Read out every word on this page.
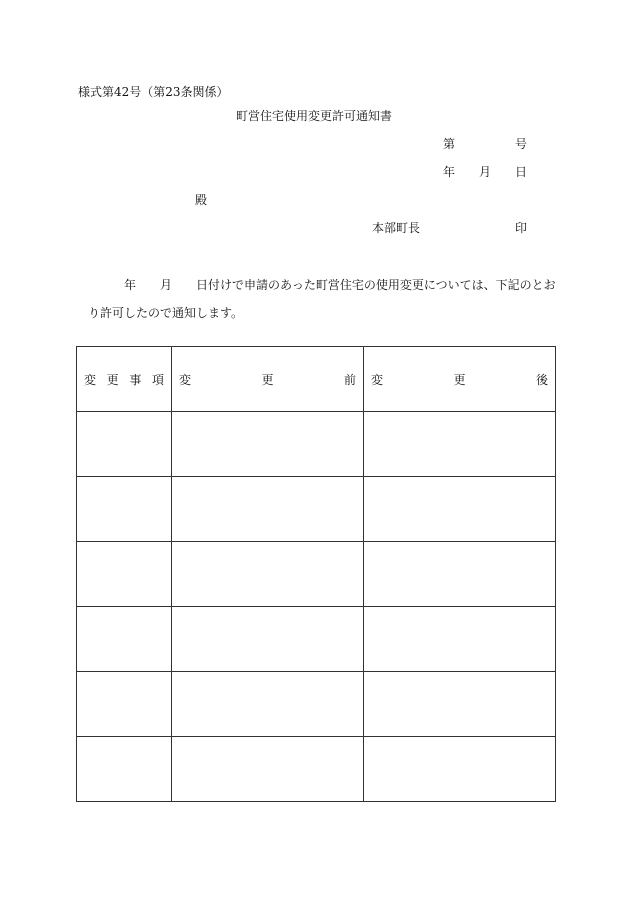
様式第42号（第23条関係）
町営住宅使用変更許可通知書
第	号
年 月 日
殿
本部町長	印
年 月 日付けで申請のあった町営住宅の使用変更については、下記のとお
り許可したので通知します。
変 更 事 項	変 更 前	変 更 後
